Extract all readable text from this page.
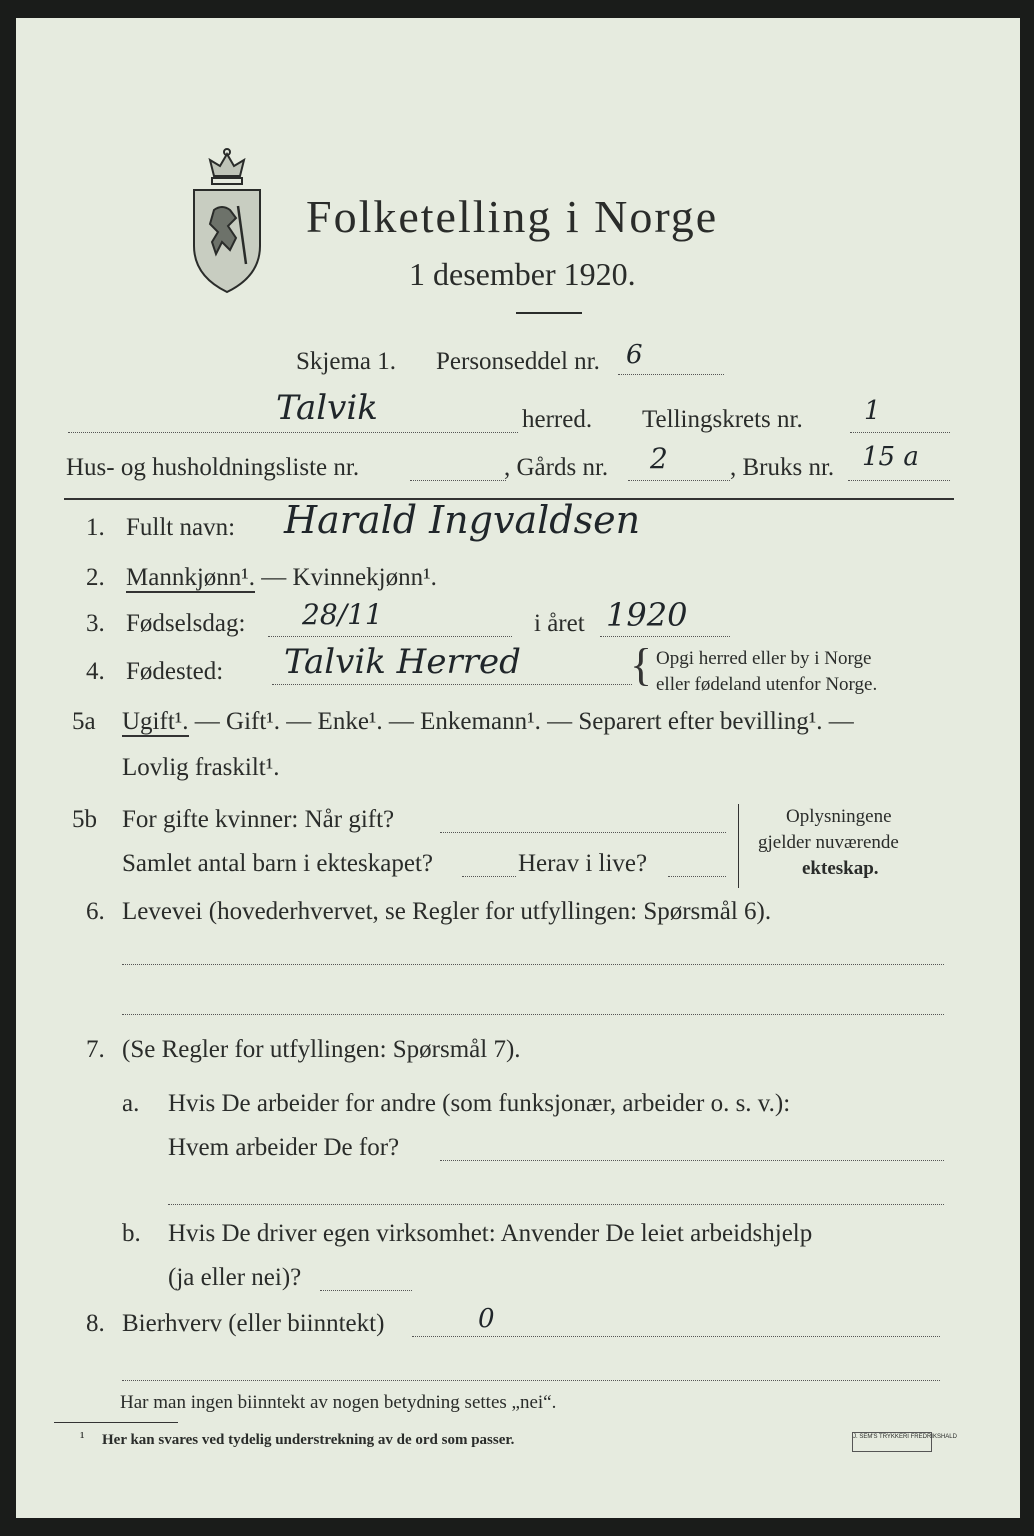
Folketelling i Norge
1 desember 1920.
Skjema 1. Personseddel nr. 6
Talvik	herred. Tellingskrets nr. 1
Hus- og husholdningsliste nr.	, Gårds nr. 2 , Bruks nr. 15 a
1. Fullt navn: Harald Ingvaldsen
2. Mannkjønn¹. — Kvinnekjønn¹.
3. Fødselsdag: 28/11	i året 1920
4. Fødested: Talvik Herred { Opgi herred eller by i Norge
eller fødeland utenfor Norge.
5a Ugift¹. — Gift¹. — Enke¹. — Enkemann¹. — Separert efter bevilling¹. —
Lovlig fraskilt¹.
5b For gifte kvinner: Når gift?
Samlet antal barn i ekteskapet?	Herav i live?
Oplysningene
gjelder nuværende
ekteskap.
6. Levevei (hovederhvervet, se Regler for utfyllingen: Spørsmål 6).
7. (Se Regler for utfyllingen: Spørsmål 7).
a. Hvis De arbeider for andre (som funksjonær, arbeider o. s. v.):
Hvem arbeider De for?
b. Hvis De driver egen virksomhet: Anvender De leiet arbeidshjelp
(ja eller nei)?
8. Bierhverv (eller biinntekt)	0
Har man ingen biinntekt av nogen betydning settes „nei“.
¹ Her kan svares ved tydelig understrekning av de ord som passer.	J. SEM'S TRYKKERI FREDRIKSHALD
